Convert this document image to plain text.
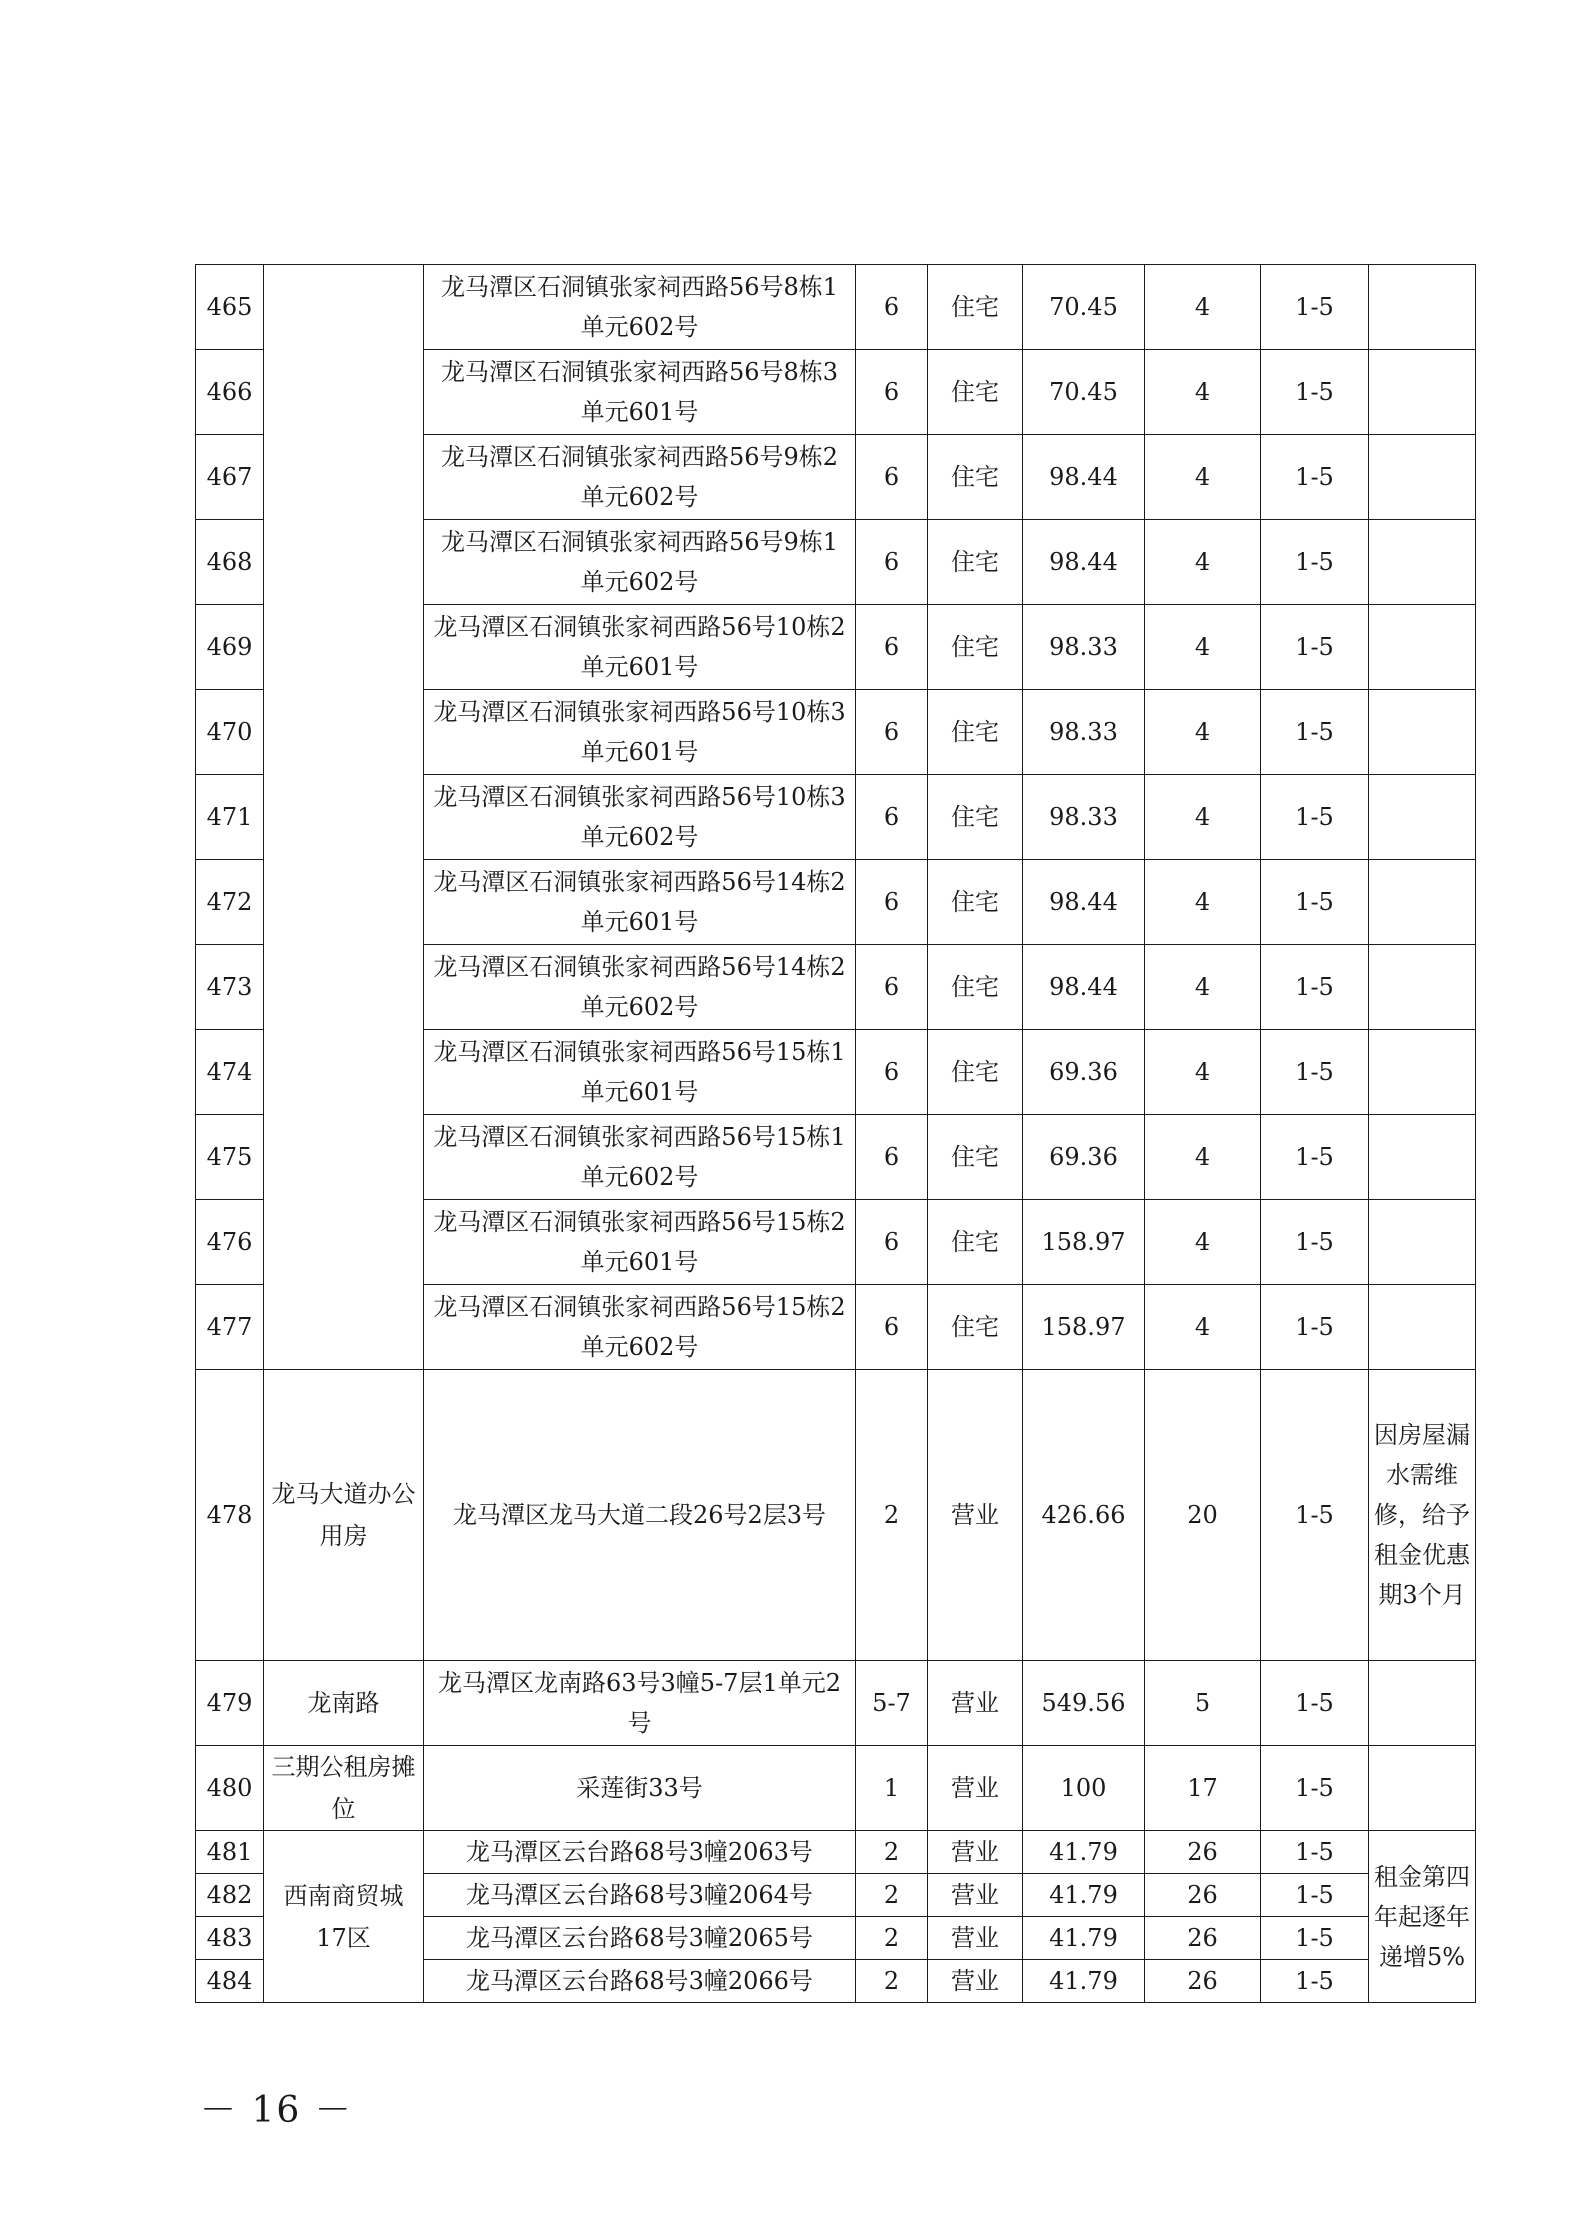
465		龙马潭区石洞镇张家祠西路56号8栋1单元602号	6	住宅	70.45	4	1-5	
466		龙马潭区石洞镇张家祠西路56号8栋3单元601号	6	住宅	70.45	4	1-5	
467		龙马潭区石洞镇张家祠西路56号9栋2单元602号	6	住宅	98.44	4	1-5	
468		龙马潭区石洞镇张家祠西路56号9栋1单元602号	6	住宅	98.44	4	1-5	
469		龙马潭区石洞镇张家祠西路56号10栋2单元601号	6	住宅	98.33	4	1-5	
470		龙马潭区石洞镇张家祠西路56号10栋3单元601号	6	住宅	98.33	4	1-5	
471		龙马潭区石洞镇张家祠西路56号10栋3单元602号	6	住宅	98.33	4	1-5	
472		龙马潭区石洞镇张家祠西路56号14栋2单元601号	6	住宅	98.44	4	1-5	
473		龙马潭区石洞镇张家祠西路56号14栋2单元602号	6	住宅	98.44	4	1-5	
474		龙马潭区石洞镇张家祠西路56号15栋1单元601号	6	住宅	69.36	4	1-5	
475		龙马潭区石洞镇张家祠西路56号15栋1单元602号	6	住宅	69.36	4	1-5	
476		龙马潭区石洞镇张家祠西路56号15栋2单元601号	6	住宅	158.97	4	1-5	
477		龙马潭区石洞镇张家祠西路56号15栋2单元602号	6	住宅	158.97	4	1-5	
478	龙马大道办公用房	龙马潭区龙马大道二段26号2层3号	2	营业	426.66	20	1-5	因房屋漏水需维修，给予租金优惠期3个月
479	龙南路	龙马潭区龙南路63号3幢5-7层1单元2号	5-7	营业	549.56	5	1-5	
480	三期公租房摊位	采莲街33号	1	营业	100	17	1-5	
481	西南商贸城17区	龙马潭区云台路68号3幢2063号	2	营业	41.79	26	1-5	租金第四年起逐年递增5%
482		龙马潭区云台路68号3幢2064号	2	营业	41.79	26	1-5	
483		龙马潭区云台路68号3幢2065号	2	营业	41.79	26	1-5	
484		龙马潭区云台路68号3幢2066号	2	营业	41.79	26	1-5	
－ 16 －
